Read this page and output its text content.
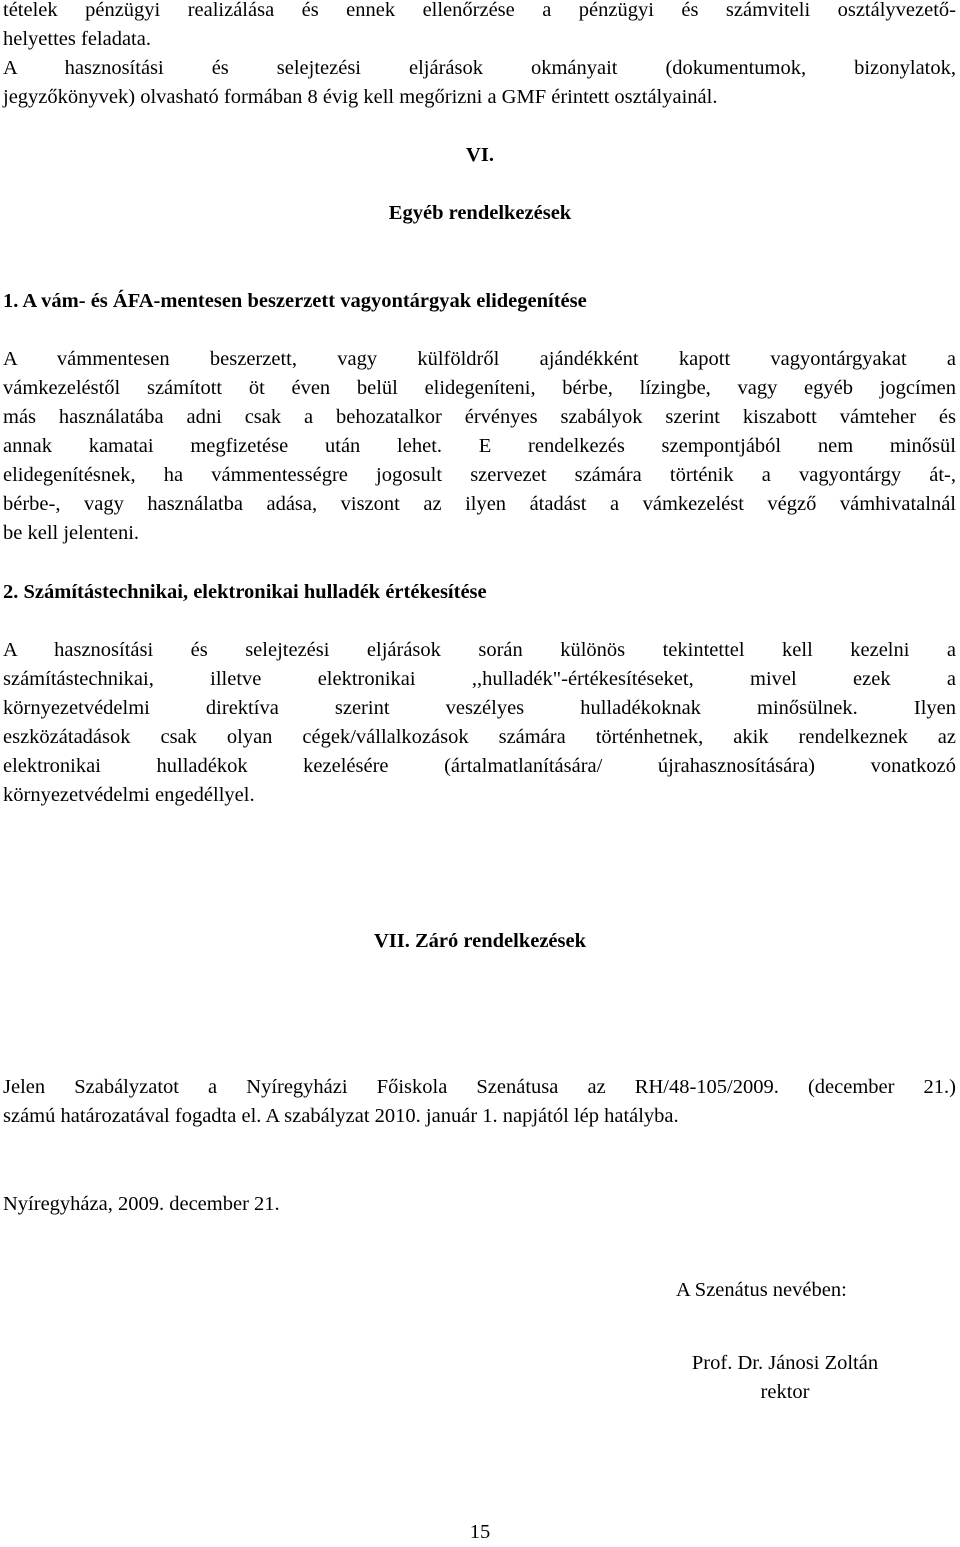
tételek pénzügyi realizálása és ennek ellenőrzése a pénzügyi és számviteli osztályvezető-
helyettes feladata.
A hasznosítási és selejtezési eljárások okmányait (dokumentumok, bizonylatok,
jegyzőkönyvek) olvasható formában 8 évig kell megőrizni a GMF érintett osztályainál.
VI.
Egyéb rendelkezések
1. A vám- és ÁFA-mentesen beszerzett vagyontárgyak elidegenítése
A vámmentesen beszerzett, vagy külföldről ajándékként kapott vagyontárgyakat a
vámkezeléstől számított öt éven belül elidegeníteni, bérbe, lízingbe, vagy egyéb jogcímen
más használatába adni csak a behozatalkor érvényes szabályok szerint kiszabott vámteher és
annak kamatai megfizetése után lehet. E rendelkezés szempontjából nem minősül
elidegenítésnek, ha vámmentességre jogosult szervezet számára történik a vagyontárgy át-,
bérbe-, vagy használatba adása, viszont az ilyen átadást a vámkezelést végző vámhivatalnál
be kell jelenteni.
2. Számítástechnikai, elektronikai hulladék értékesítése
A hasznosítási és selejtezési eljárások során különös tekintettel kell kezelni a
számítástechnikai, illetve elektronikai ,,hulladék"-értékesítéseket, mivel ezek a
környezetvédelmi direktíva szerint veszélyes hulladékoknak minősülnek. Ilyen
eszközátadások csak olyan cégek/vállalkozások számára történhetnek, akik rendelkeznek az
elektronikai hulladékok kezelésére (ártalmatlanítására/ újrahasznosítására) vonatkozó
környezetvédelmi engedéllyel.
VII. Záró rendelkezések
Jelen Szabályzatot a Nyíregyházi Főiskola Szenátusa az RH/48-105/2009. (december 21.)
számú határozatával fogadta el. A szabályzat 2010. január 1. napjától lép hatályba.
Nyíregyháza, 2009. december 21.
A Szenátus nevében:
Prof. Dr. Jánosi Zoltán
rektor
15
